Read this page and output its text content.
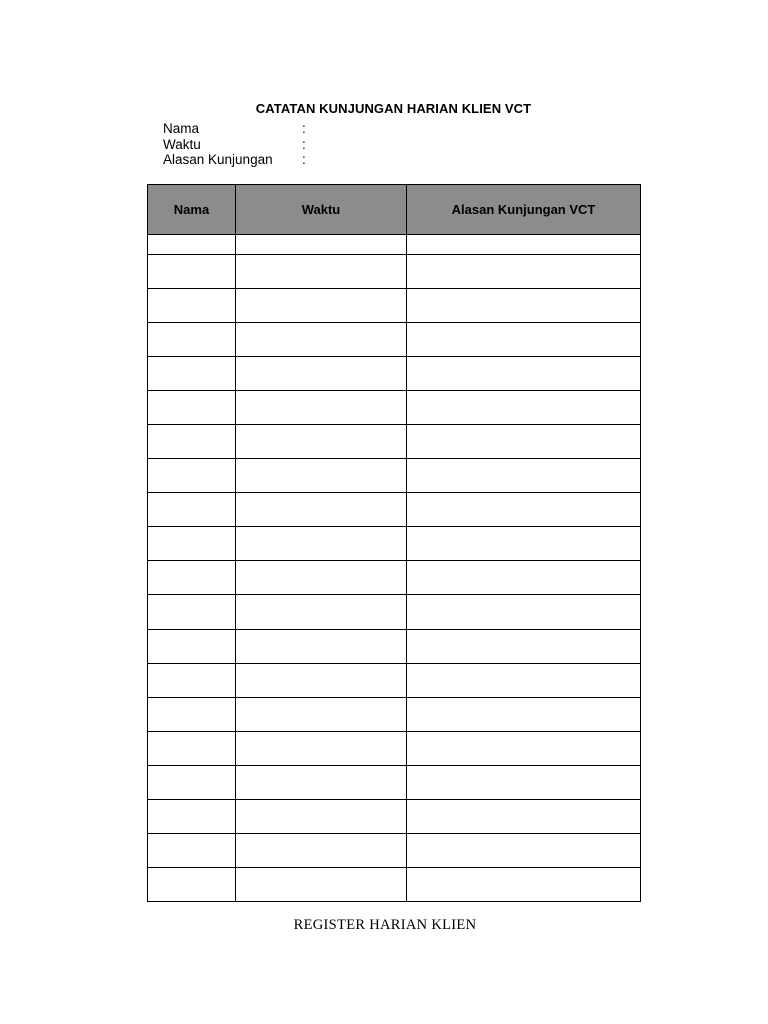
CATATAN KUNJUNGAN HARIAN KLIEN VCT
Nama	:
Waktu	:
Alasan Kunjungan	:
Nama	Waktu	Alasan Kunjungan VCT

REGISTER HARIAN KLIEN
